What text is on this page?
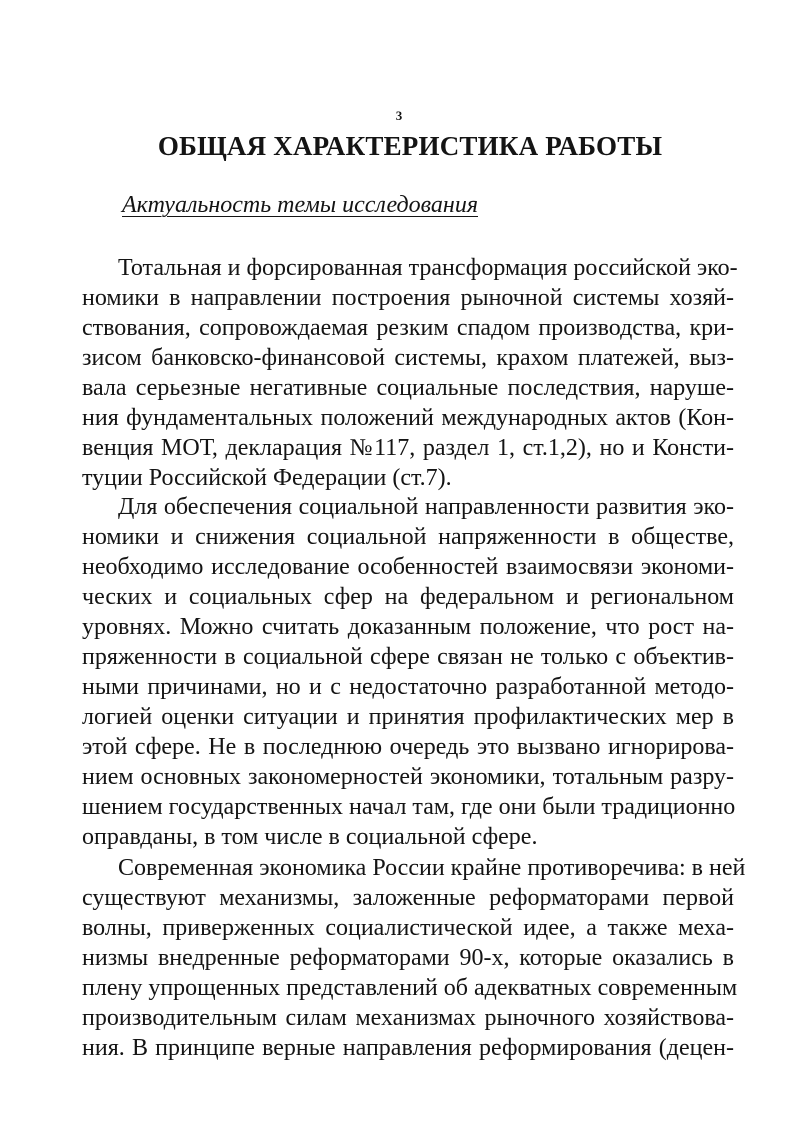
3
ОБЩАЯ ХАРАКТЕРИСТИКА РАБОТЫ
Актуальность темы исследования
Тотальная и форсированная трансформация российской эко-
номики в направлении построения рыночной системы хозяй-
ствования, сопровождаемая резким спадом производства, кри-
зисом банковско-финансовой системы, крахом платежей, выз-
вала серьезные негативные социальные последствия, наруше-
ния фундаментальных положений международных актов (Кон-
венция МОТ, декларация №117, раздел 1, ст.1,2), но и Консти-
туции Российской Федерации (ст.7).
Для обеспечения социальной направленности развития эко-
номики и снижения социальной напряженности в обществе,
необходимо исследование особенностей взаимосвязи экономи-
ческих и социальных сфер на федеральном и региональном
уровнях. Можно считать доказанным положение, что рост на-
пряженности в социальной сфере связан не только с объектив-
ными причинами, но и с недостаточно разработанной методо-
логией оценки ситуации и принятия профилактических мер в
этой сфере. Не в последнюю очередь это вызвано игнорирова-
нием основных закономерностей экономики, тотальным разру-
шением государственных начал там, где они были традиционно
оправданы, в том числе в социальной сфере.
Современная экономика России крайне противоречива: в ней
существуют механизмы, заложенные реформаторами первой
волны, приверженных социалистической идее, а также меха-
низмы внедренные реформаторами 90-х, которые оказались в
плену упрощенных представлений об адекватных современным
производительным силам механизмах рыночного хозяйствова-
ния. В принципе верные направления реформирования (децен-
